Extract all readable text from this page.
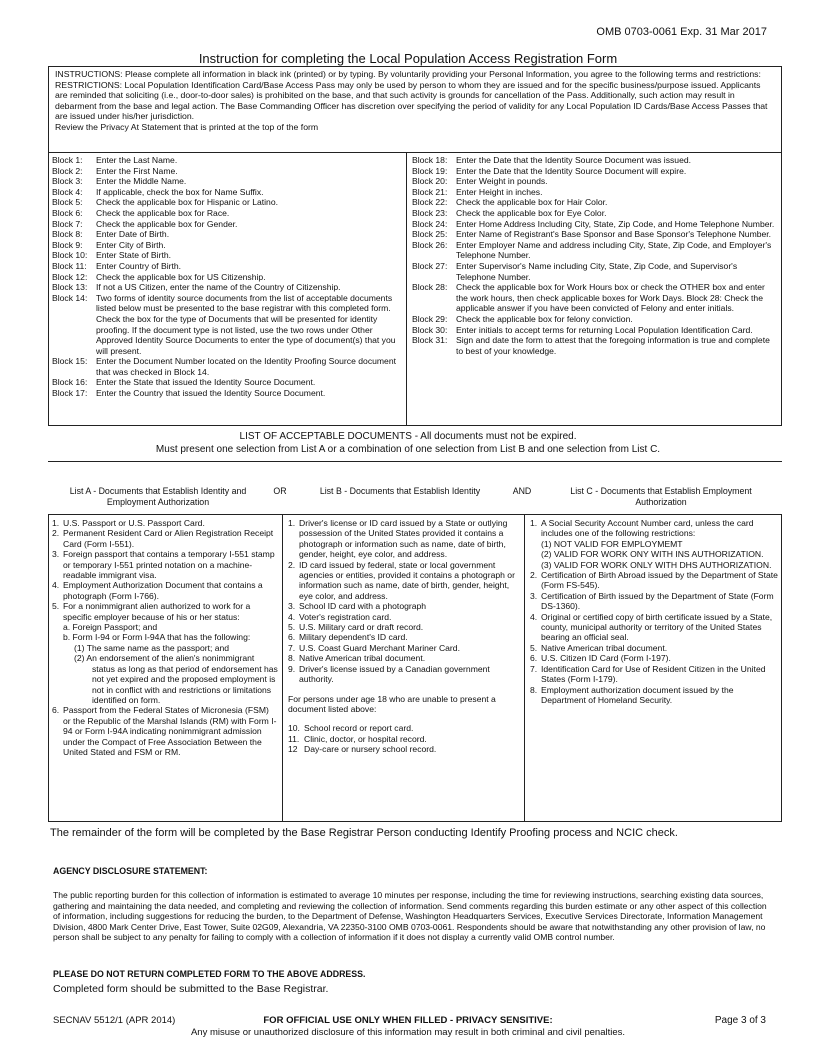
OMB 0703-0061 Exp. 31 Mar 2017
Instruction for completing the Local Population Access Registration Form

INSTRUCTIONS: Please complete all information in black ink (printed) or by typing. By voluntarily providing your Personal Information, you agree to the following terms and restrictions:

RESTRICTIONS: Local Population Identification Card/Base Access Pass may only be used by person to whom they are issued and for the specific business/purpose issued. Applicants are reminded that soliciting (i.e., door-to-door sales) is prohibited on the base, and that such activity is grounds for cancellation of the Pass. Additionally, such action may result in debarment from the base and legal action. The Base Commanding Officer has discretion over specifying the period of validity for any Local Population ID Cards/Base Access Passes that are issued under his/her jurisdiction.

Review the Privacy At Statement that is printed at the top of the form

Block 1:	Enter the Last Name.
Block 2:	Enter the First Name.
Block 3:	Enter the Middle Name.
Block 4:	If applicable, check the box for Name Suffix.
Block 5:	Check the applicable box for Hispanic or Latino.
Block 6:	Check the applicable box for Race.
Block 7:	Check the applicable box for Gender.
Block 8:	Enter Date of Birth.
Block 9:	Enter City of Birth.
Block 10:	Enter State of Birth.
Block 11:	Enter Country of Birth.
Block 12:	Check the applicable box for US Citizenship.
Block 13:	If not a US Citizen, enter the name of the Country of Citizenship.
Block 14:	Two forms of identity source documents from the list of acceptable documents listed below must be presented to the base registrar with this completed form. Check the box for the type of Documents that will be presented for identity proofing. If the document type is not listed, use the two rows under Other Approved Identity Source Documents to enter the type of document(s) that you will present.
Block 15:	Enter the Document Number located on the Identity Proofing Source document that was checked in Block 14.
Block 16:	Enter the State that issued the Identity Source Document.
Block 17:	Enter the Country that issued the Identity Source Document.
Block 18:	Enter the Date that the Identity Source Document was issued.
Block 19:	Enter the Date that the Identity Source Document will expire.
Block 20:	Enter Weight in pounds.
Block 21:	Enter Height in inches.
Block 22:	Check the applicable box for Hair Color.
Block 23:	Check the applicable box for Eye Color.
Block 24:	Enter Home Address Including City, State, Zip Code, and Home Telephone Number.
Block 25:	Enter Name of Registrant's Base Sponsor and Base Sponsor's Telephone Number.
Block 26:	Enter Employer Name and address including City, State, Zip Code, and Employer's Telephone Number.
Block 27:	Enter Supervisor's Name including City, State, Zip Code, and Supervisor's Telephone Number.
Block 28:	Check the applicable box for Work Hours box or check the OTHER box and enter the work hours, then check applicable boxes for Work Days. Block 28: Check the applicable answer if you have been convicted of Felony and enter initials.
Block 29:	Check the applicable box for felony conviction.
Block 30:	Enter initials to accept terms for returning Local Population Identification Card.
Block 31:	Sign and date the form to attest that the foregoing information is true and complete to best of your knowledge.
LIST OF ACCEPTABLE DOCUMENTS - All documents must not be expired.
Must present one selection from List A or a combination of one selection from List B and one selection from List C.
List A - Documents that Establish Identity and Employment Authorization
OR	List B - Documents that Establish Identity	AND	List C - Documents that Establish Employment Authorization
1. U.S. Passport or U.S. Passport Card.
2. Permanent Resident Card or Alien Registration Receipt Card (Form I-551).
3. Foreign passport that contains a temporary I-551 stamp or temporary I-551 printed notation on a machine-readable immigrant visa.
4. Employment Authorization Document that contains a photograph (Form I-766).
5. For a nonimmigrant alien authorized to work for a specific employer because of his or her status:
a. Foreign Passport; and
b. Form I-94 or Form I-94A that has the following:
(1) The same name as the passport; and
(2) An endorsement of the alien's nonimmigrant status as long as that period of endorsement has not yet expired and the proposed employment is not in conflict with and restrictions or limitations identified on form.
6. Passport from the Federal States of Micronesia (FSM) or the Republic of the Marshal Islands (RM) with Form I-94 or Form I-94A indicating nonimmigrant admission under the Compact of Free Association Between the United Stated and FSM or RM.
1. Driver's license or ID card issued by a State or outlying possession of the United States provided it contains a photograph or information such as name, date of birth, gender, height, eye color, and address.
2. ID card issued by federal, state or local government agencies or entities, provided it contains a photograph or information such as name, date of birth, gender, height, eye color, and address.
3. School ID card with a photograph
4. Voter's registration card.
5. U.S. Military card or draft record.
6. Military dependent's ID card.
7. U.S. Coast Guard Merchant Mariner Card.
8. Native American tribal document.
9. Driver's license issued by a Canadian government authority.
For persons under age 18 who are unable to present a document listed above:
10. School record or report card.
11. Clinic, doctor, or hospital record.
12 Day-care or nursery school record.
1. A Social Security Account Number card, unless the card includes one of the following restrictions:
(1) NOT VALID FOR EMPLOYMEMT
(2) VALID FOR WORK ONY WITH INS AUTHORIZATION.
(3) VALID FOR WORK ONLY WITH DHS AUTHORIZATION.
2. Certification of Birth Abroad issued by the Department of State (Form FS-545).
3. Certification of Birth issued by the Department of State (Form DS-1360).
4. Original or certified copy of birth certificate issued by a State, county, municipal authority or territory of the United States bearing an official seal.
5. Native American tribal document.
6. U.S. Citizen ID Card (Form I-197).
7. Identification Card for Use of Resident Citizen in the United States (Form I-179).
8. Employment authorization document issued by the Department of Homeland Security.
The remainder of the form will be completed by the Base Registrar Person conducting Identify Proofing process and NCIC check.
AGENCY DISCLOSURE STATEMENT:
The public reporting burden for this collection of information is estimated to average 10 minutes per response, including the time for reviewing instructions, searching existing data sources, gathering and maintaining the data needed, and completing and reviewing the collection of information. Send comments regarding this burden estimate or any other aspect of this collection of information, including suggestions for reducing the burden, to the Department of Defense, Washington Headquarters Services, Executive Services Directorate, Information Management Division, 4800 Mark Center Drive, East Tower, Suite 02G09, Alexandria, VA 22350-3100 OMB 0703-0061. Respondents should be aware that notwithstanding any other provision of law, no person shall be subject to any penalty for failing to comply with a collection of information if it does not display a currently valid OMB control number.
PLEASE DO NOT RETURN COMPLETED FORM TO THE ABOVE ADDRESS.
Completed form should be submitted to the Base Registrar.
SECNAV 5512/1 (APR 2014)	FOR OFFICIAL USE ONLY WHEN FILLED - PRIVACY SENSITIVE:
Any misuse or unauthorized disclosure of this information may result in both criminal and civil penalties.
Page 3 of 3
